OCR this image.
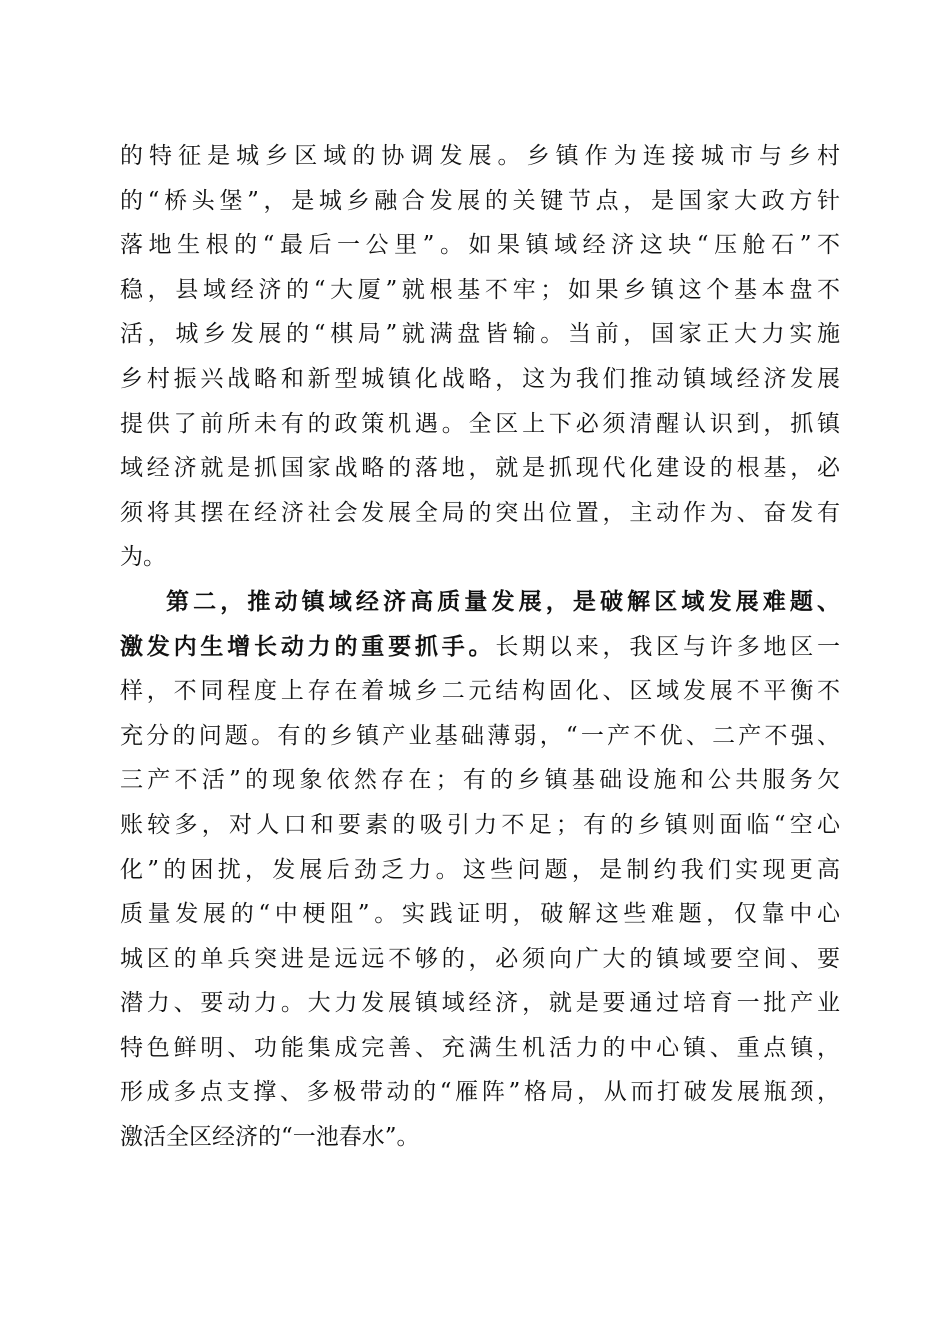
的特征是城乡区域的协调发展。乡镇作为连接城市与乡村
的“桥头堡”，是城乡融合发展的关键节点，是国家大政方针
落地生根的“最后一公里”。如果镇域经济这块“压舱石”不
稳，县域经济的“大厦”就根基不牢；如果乡镇这个基本盘不
活，城乡发展的“棋局”就满盘皆输。当前，国家正大力实施
乡村振兴战略和新型城镇化战略，这为我们推动镇域经济发展
提供了前所未有的政策机遇。全区上下必须清醒认识到，抓镇
域经济就是抓国家战略的落地，就是抓现代化建设的根基，必
须将其摆在经济社会发展全局的突出位置，主动作为、奋发有
为。
第二，推动镇域经济高质量发展，是破解区域发展难题、
激发内生增长动力的重要抓手。长期以来，我区与许多地区一
样，不同程度上存在着城乡二元结构固化、区域发展不平衡不
充分的问题。有的乡镇产业基础薄弱，“一产不优、二产不强、
三产不活”的现象依然存在；有的乡镇基础设施和公共服务欠
账较多，对人口和要素的吸引力不足；有的乡镇则面临“空心
化”的困扰，发展后劲乏力。这些问题，是制约我们实现更高
质量发展的“中梗阻”。实践证明，破解这些难题，仅靠中心
城区的单兵突进是远远不够的，必须向广大的镇域要空间、要
潜力、要动力。大力发展镇域经济，就是要通过培育一批产业
特色鲜明、功能集成完善、充满生机活力的中心镇、重点镇，
形成多点支撑、多极带动的“雁阵”格局，从而打破发展瓶颈，
激活全区经济的“一池春水”。
